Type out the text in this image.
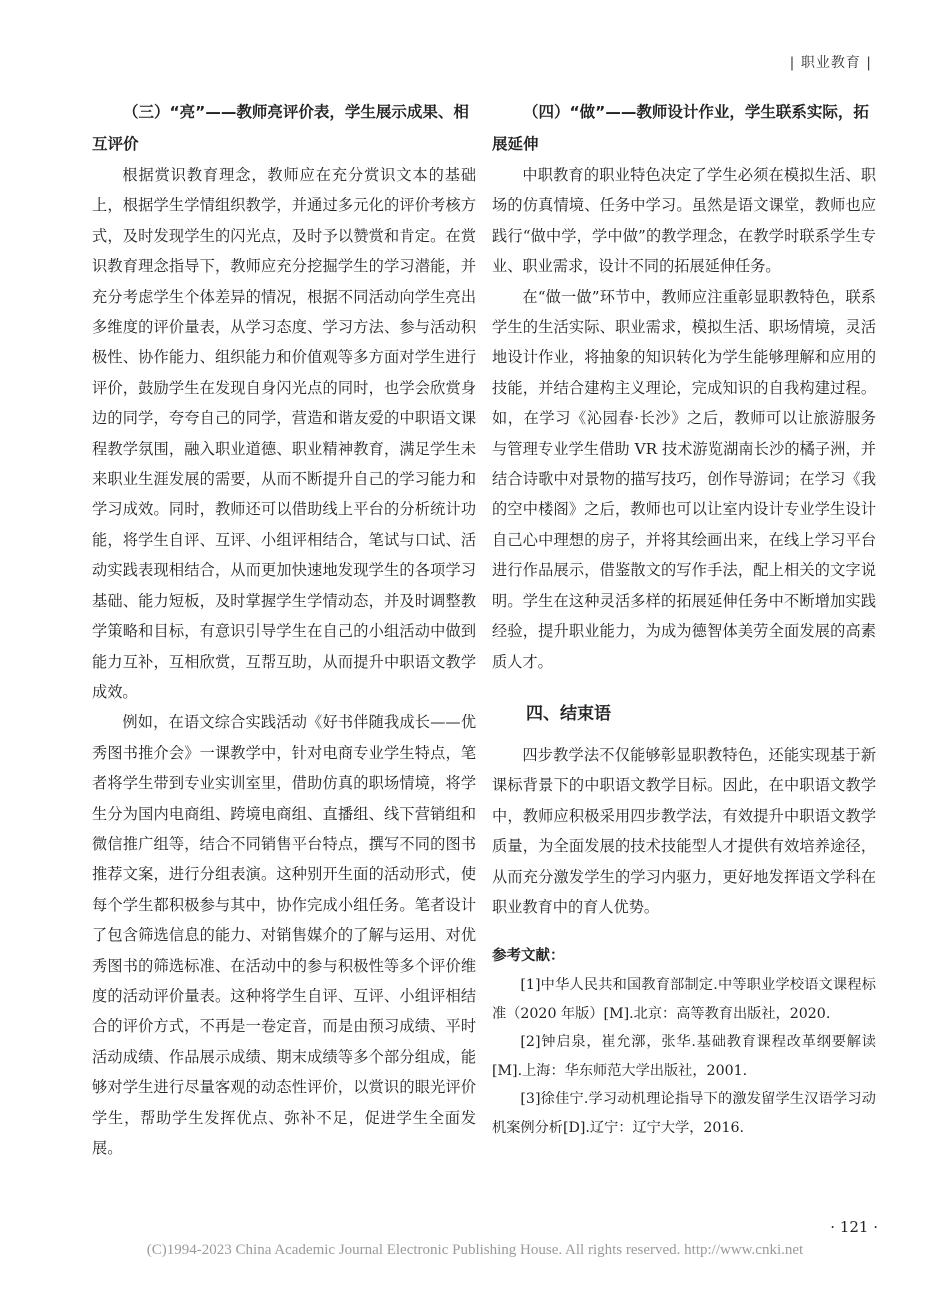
| 职业教育 |
（三）“亮”——教师亮评价表，学生展示成果、相互评价

根据赏识教育理念，教师应在充分赏识文本的基础上，根据学生学情组织教学，并通过多元化的评价考核方式，及时发现学生的闪光点，及时予以赞赏和肯定。在赏识教育理念指导下，教师应充分挖掘学生的学习潜能，并充分考虑学生个体差异的情况，根据不同活动向学生亮出多维度的评价量表，从学习态度、学习方法、参与活动积极性、协作能力、组织能力和价值观等多方面对学生进行评价，鼓励学生在发现自身闪光点的同时，也学会欣赏身边的同学，夸夸自己的同学，营造和谐友爱的中职语文课程教学氛围，融入职业道德、职业精神教育，满足学生未来职业生涯发展的需要，从而不断提升自己的学习能力和学习成效。同时，教师还可以借助线上平台的分析统计功能，将学生自评、互评、小组评相结合，笔试与口试、活动实践表现相结合，从而更加快速地发现学生的各项学习基础、能力短板，及时掌握学生学情动态，并及时调整教学策略和目标，有意识引导学生在自己的小组活动中做到能力互补，互相欣赏，互帮互助，从而提升中职语文教学成效。

例如，在语文综合实践活动《好书伴随我成长——优秀图书推介会》一课教学中，针对电商专业学生特点，笔者将学生带到专业实训室里，借助仿真的职场情境，将学生分为国内电商组、跨境电商组、直播组、线下营销组和微信推广组等，结合不同销售平台特点，撰写不同的图书推荐文案，进行分组表演。这种别开生面的活动形式，使每个学生都积极参与其中，协作完成小组任务。笔者设计了包含筛选信息的能力、对销售媒介的了解与运用、对优秀图书的筛选标准、在活动中的参与积极性等多个评价维度的活动评价量表。这种将学生自评、互评、小组评相结合的评价方式，不再是一卷定音，而是由预习成绩、平时活动成绩、作品展示成绩、期末成绩等多个部分组成，能够对学生进行尽量客观的动态性评价，以赏识的眼光评价学生，帮助学生发挥优点、弥补不足，促进学生全面发展。

（四）“做”——教师设计作业，学生联系实际，拓展延伸

中职教育的职业特色决定了学生必须在模拟生活、职场的仿真情境、任务中学习。虽然是语文课堂，教师也应践行“做中学，学中做”的教学理念，在教学时联系学生专业、职业需求，设计不同的拓展延伸任务。

在“做一做”环节中，教师应注重彰显职教特色，联系学生的生活实际、职业需求，模拟生活、职场情境，灵活地设计作业，将抽象的知识转化为学生能够理解和应用的技能，并结合建构主义理论，完成知识的自我构建过程。如，在学习《沁园春·长沙》之后，教师可以让旅游服务与管理专业学生借助 VR 技术游览湖南长沙的橘子洲，并结合诗歌中对景物的描写技巧，创作导游词；在学习《我的空中楼阁》之后，教师也可以让室内设计专业学生设计自己心中理想的房子，并将其绘画出来，在线上学习平台进行作品展示，借鉴散文的写作手法，配上相关的文字说明。学生在这种灵活多样的拓展延伸任务中不断增加实践经验，提升职业能力，为成为德智体美劳全面发展的高素质人才。

四、结束语

四步教学法不仅能够彰显职教特色，还能实现基于新课标背景下的中职语文教学目标。因此，在中职语文教学中，教师应积极采用四步教学法，有效提升中职语文教学质量，为全面发展的技术技能型人才提供有效培养途径，从而充分激发学生的学习内驱力，更好地发挥语文学科在职业教育中的育人优势。

参考文献：

[1]中华人民共和国教育部制定.中等职业学校语文课程标准（2020 年版）[M].北京：高等教育出版社，2020.

[2]钟启泉，崔允漷，张华.基础教育课程改革纲要解读[M].上海：华东师范大学出版社，2001.

[3]徐佳宁.学习动机理论指导下的激发留学生汉语学习动机案例分析[D].辽宁：辽宁大学，2016.

· 121 ·
(C)1994-2023 China Academic Journal Electronic Publishing House. All rights reserved. http://www.cnki.net
